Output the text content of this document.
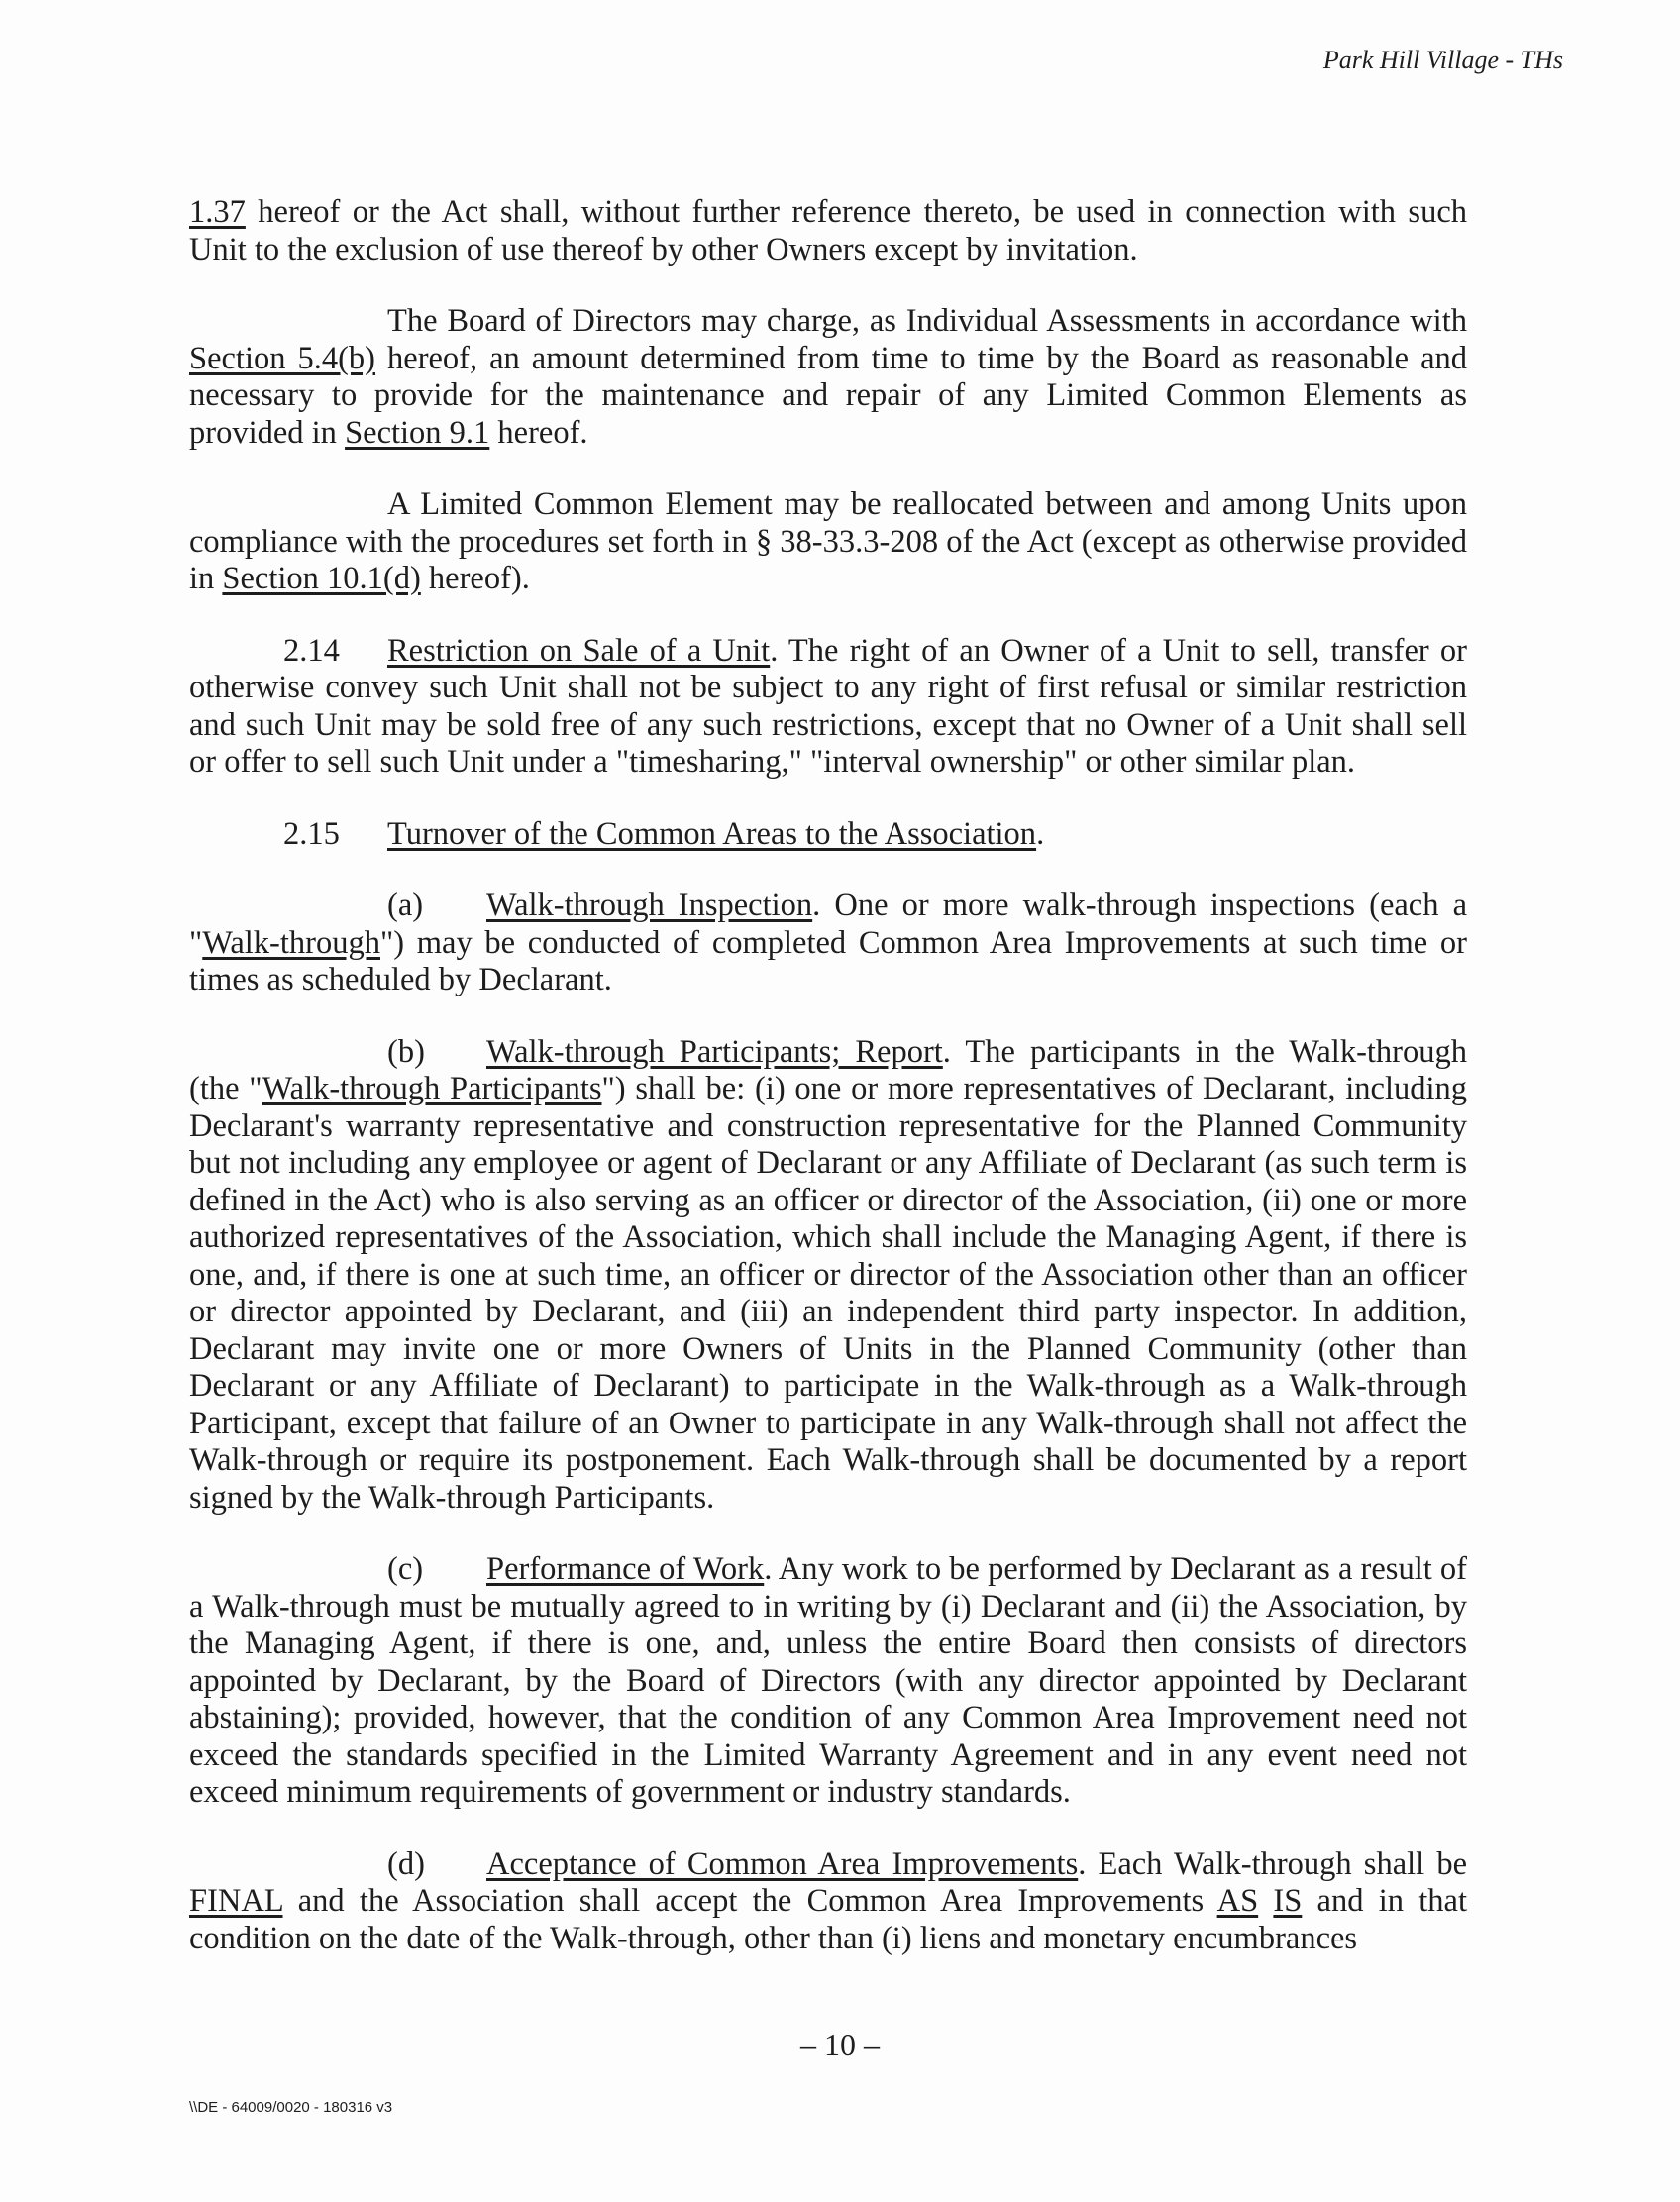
Park Hill Village - THs

1.37 hereof or the Act shall, without further reference thereto, be used in connection with such Unit to the exclusion of use thereof by other Owners except by invitation.

The Board of Directors may charge, as Individual Assessments in accordance with Section 5.4(b) hereof, an amount determined from time to time by the Board as reasonable and necessary to provide for the maintenance and repair of any Limited Common Elements as provided in Section 9.1 hereof.

A Limited Common Element may be reallocated between and among Units upon compliance with the procedures set forth in § 38-33.3-208 of the Act (except as otherwise provided in Section 10.1(d) hereof).

2.14 Restriction on Sale of a Unit. The right of an Owner of a Unit to sell, transfer or otherwise convey such Unit shall not be subject to any right of first refusal or similar restriction and such Unit may be sold free of any such restrictions, except that no Owner of a Unit shall sell or offer to sell such Unit under a "timesharing," "interval ownership" or other similar plan.

2.15 Turnover of the Common Areas to the Association.

(a) Walk-through Inspection. One or more walk-through inspections (each a "Walk-through") may be conducted of completed Common Area Improvements at such time or times as scheduled by Declarant.

(b) Walk-through Participants; Report. The participants in the Walk-through (the "Walk-through Participants") shall be: (i) one or more representatives of Declarant, including Declarant's warranty representative and construction representative for the Planned Community but not including any employee or agent of Declarant or any Affiliate of Declarant (as such term is defined in the Act) who is also serving as an officer or director of the Association, (ii) one or more authorized representatives of the Association, which shall include the Managing Agent, if there is one, and, if there is one at such time, an officer or director of the Association other than an officer or director appointed by Declarant, and (iii) an independent third party inspector. In addition, Declarant may invite one or more Owners of Units in the Planned Community (other than Declarant or any Affiliate of Declarant) to participate in the Walk-through as a Walk-through Participant, except that failure of an Owner to participate in any Walk-through shall not affect the Walk-through or require its postponement. Each Walk-through shall be documented by a report signed by the Walk-through Participants.

(c) Performance of Work. Any work to be performed by Declarant as a result of a Walk-through must be mutually agreed to in writing by (i) Declarant and (ii) the Association, by the Managing Agent, if there is one, and, unless the entire Board then consists of directors appointed by Declarant, by the Board of Directors (with any director appointed by Declarant abstaining); provided, however, that the condition of any Common Area Improvement need not exceed the standards specified in the Limited Warranty Agreement and in any event need not exceed minimum requirements of government or industry standards.

(d) Acceptance of Common Area Improvements. Each Walk-through shall be FINAL and the Association shall accept the Common Area Improvements AS IS and in that condition on the date of the Walk-through, other than (i) liens and monetary encumbrances

– 10 –
\\DE - 64009/0020 - 180316 v3
